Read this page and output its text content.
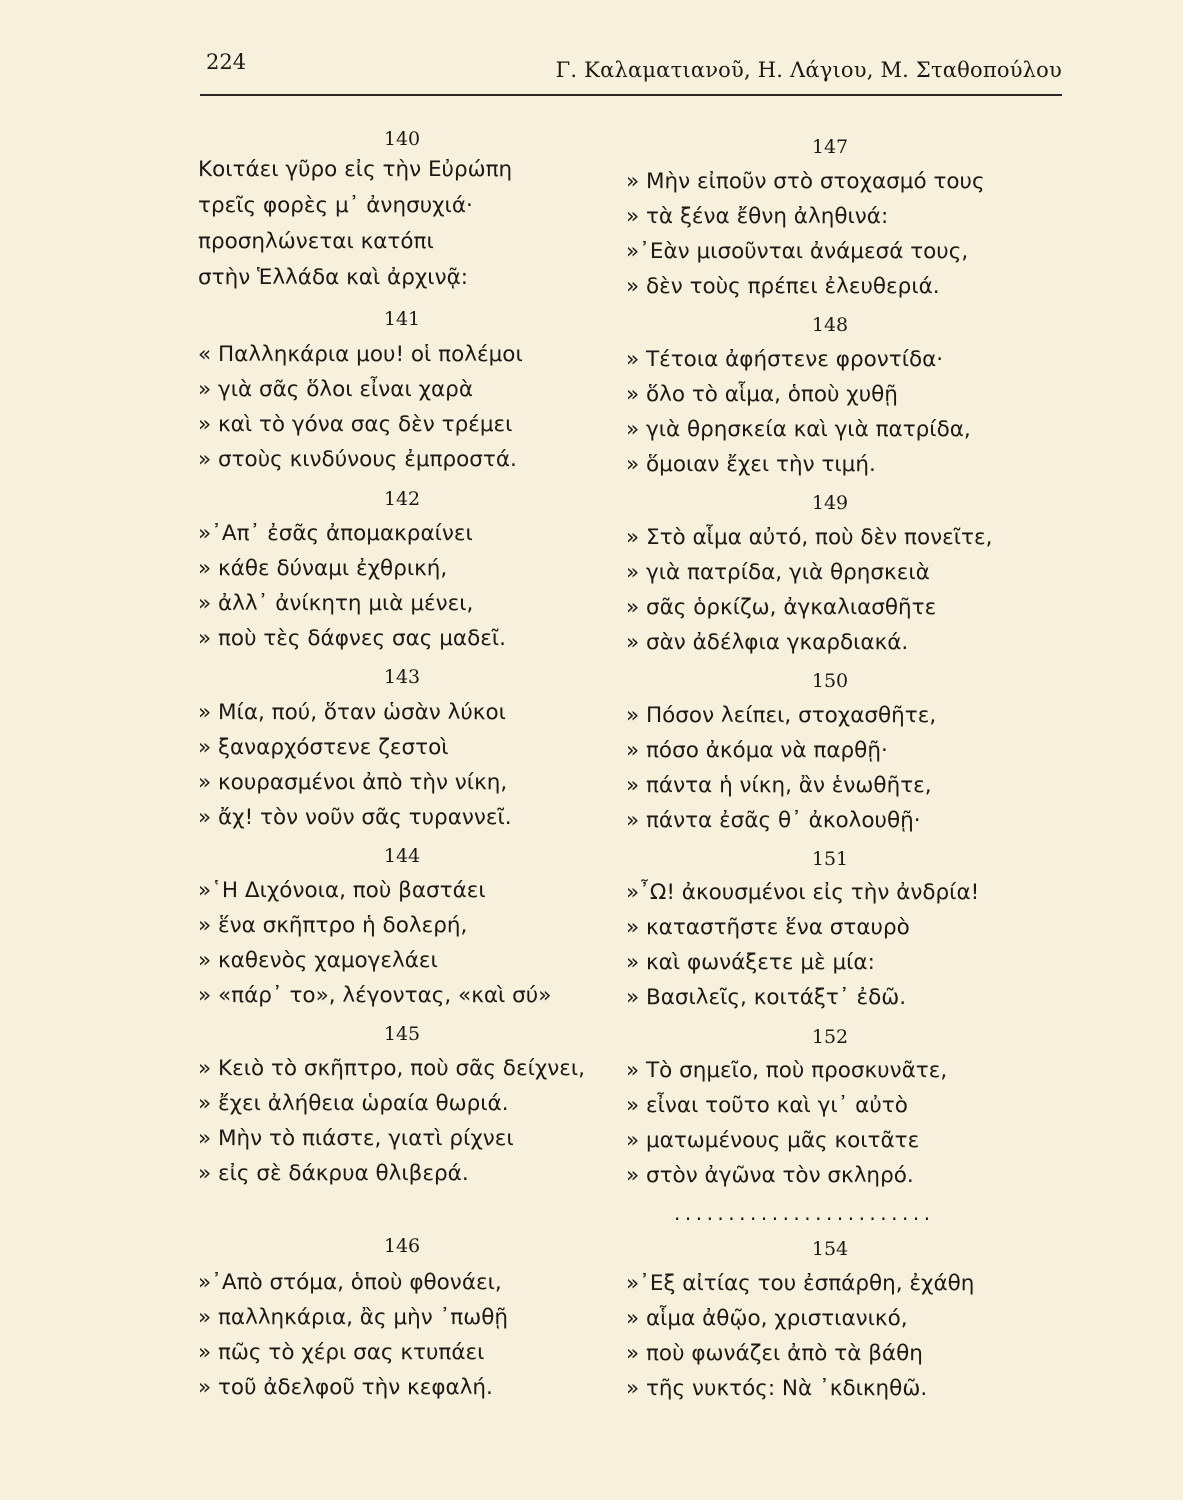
224	Γ. Καλαματιανοῦ, Η. Λάγιου, Μ. Σταθοπούλου
140
Κοιτάει γῦρο εἰς τὴν Εὐρώπη
τρεῖς φορὲς μ᾽ ἀνησυχιά·
προσηλώνεται κατόπι
στὴν Ἑλλάδα καὶ ἀρχινᾷ:
141
« Παλληκάρια μου! οἱ πολέμοι
» γιὰ σᾶς ὅλοι εἶναι χαρὰ
» καὶ τὸ γόνα σας δὲν τρέμει
» στοὺς κινδύνους ἐμπροστά.
142
»᾽Απ᾽ ἐσᾶς ἀπομακραίνει
» κάθε δύναμι ἐχθρική,
» ἀλλ᾽ ἀνίκητη μιὰ μένει,
» ποὺ τὲς δάφνες σας μαδεῖ.
143
» Μία, πού, ὅταν ὡσὰν λύκοι
» ξαναρχόστενε ζεστοὶ
» κουρασμένοι ἀπὸ τὴν νίκη,
» ἄχ! τὸν νοῦν σᾶς τυραννεῖ.
144
»῾Η Διχόνοια, ποὺ βαστάει
» ἕνα σκῆπτρο ἡ δολερή,
» καθενὸς χαμογελάει
» «πάρ᾽ το», λέγοντας, «καὶ σύ»
145
» Κειὸ τὸ σκῆπτρο, ποὺ σᾶς δείχνει,
» ἔχει ἀλήθεια ὡραία θωριά.
» Μὴν τὸ πιάστε, γιατὶ ρίχνει
» εἰς σὲ δάκρυα θλιβερά.
146
»᾽Απὸ στόμα, ὁποὺ φθονάει,
» παλληκάρια, ἂς μὴν ᾽πωθῇ
» πῶς τὸ χέρι σας κτυπάει
» τοῦ ἀδελφοῦ τὴν κεφαλή.
147
» Μὴν εἰποῦν στὸ στοχασμό τους
» τὰ ξένα ἔθνη ἀληθινά:
»᾽Εὰν μισοῦνται ἀνάμεσά τους,
» δὲν τοὺς πρέπει ἐλευθεριά.
148
» Τέτοια ἀφήστενε φροντίδα·
» ὅλο τὸ αἷμα, ὁποὺ χυθῇ
» γιὰ θρησκεία καὶ γιὰ πατρίδα,
» ὅμοιαν ἔχει τὴν τιμή.
149
» Στὸ αἷμα αὐτό, ποὺ δὲν πονεῖτε,
» γιὰ πατρίδα, γιὰ θρησκειὰ
» σᾶς ὁρκίζω, ἀγκαλιασθῆτε
» σὰν ἀδέλφια γκαρδιακά.
150
» Πόσον λείπει, στοχασθῆτε,
» πόσο ἀκόμα νὰ παρθῇ·
» πάντα ἡ νίκη, ἂν ἑνωθῆτε,
» πάντα ἐσᾶς θ᾽ ἀκολουθῇ·
151
»῏Ω! ἀκουσμένοι εἰς τὴν ἀνδρία!
» καταστῆστε ἕνα σταυρὸ
» καὶ φωνάξετε μὲ μία:
» Βασιλεῖς, κοιτάξτ᾽ ἐδῶ.
152
» Τὸ σημεῖο, ποὺ προσκυνᾶτε,
» εἶναι τοῦτο καὶ γι᾽ αὐτὸ
» ματωμένους μᾶς κοιτᾶτε
» στὸν ἀγῶνα τὸν σκληρό.
........................
154
»᾽Εξ αἰτίας του ἐσπάρθη, ἐχάθη
» αἷμα ἀθῷο, χριστιανικό,
» ποὺ φωνάζει ἀπὸ τὰ βάθη
» τῆς νυκτός: Νὰ ᾽κδικηθῶ.
